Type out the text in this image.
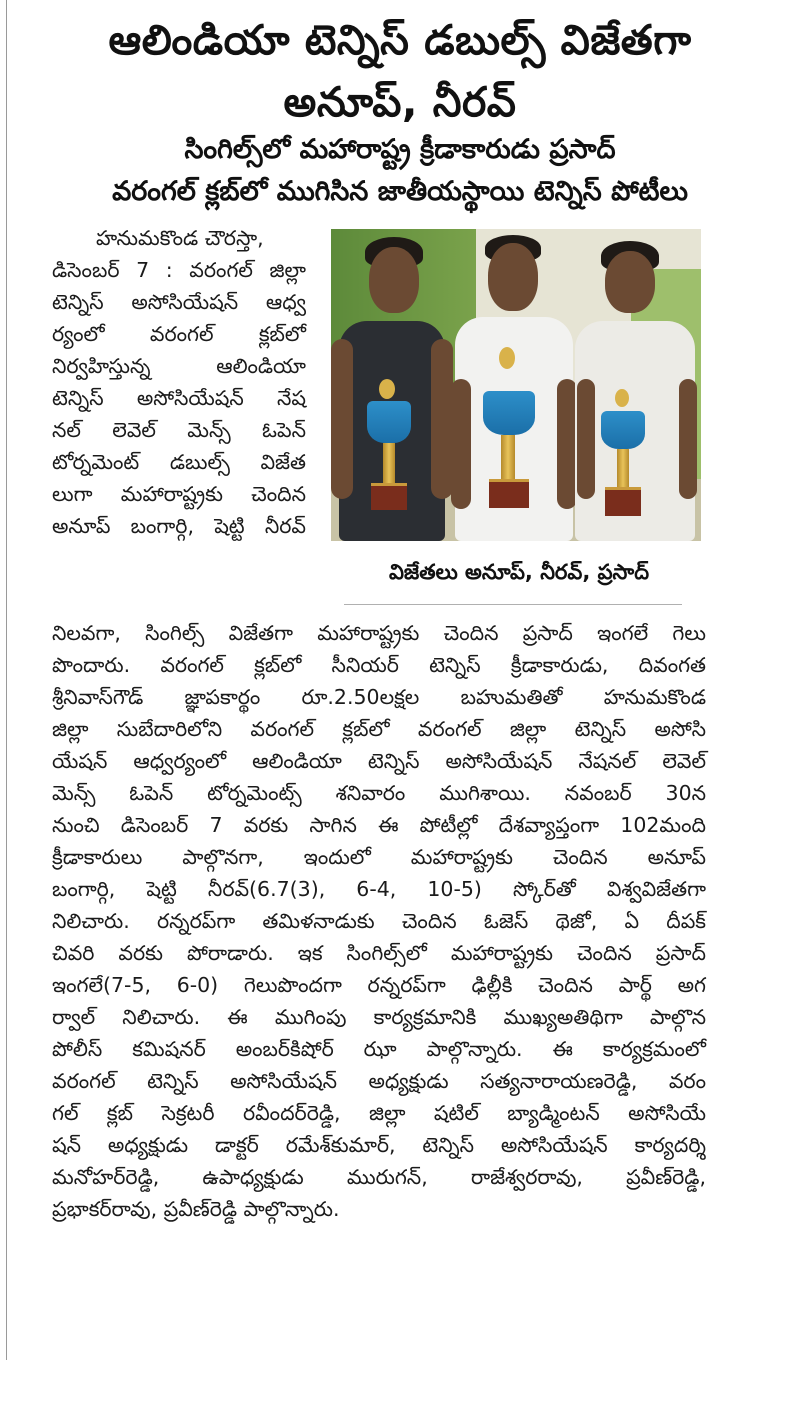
ఆలిండియా టెన్నిస్ డబుల్స్ విజేతగా
అనూప్, నీరవ్
సింగిల్స్‌లో మహారాష్ట్ర క్రీడాకారుడు ప్రసాద్
వరంగల్ క్లబ్‌లో ముగిసిన జాతీయస్థాయి టెన్నిస్ పోటీలు
హనుమకొండ చౌరస్తా,
డిసెంబర్ 7 : వరంగల్ జిల్లా
టెన్నిస్ అసోసియేషన్ ఆధ్వ
ర్యంలో వరంగల్ క్లబ్‌లో
నిర్వహిస్తున్న ఆలిండియా
టెన్నిస్ అసోసియేషన్ నేష
నల్ లెవెల్ మెన్స్ ఓపెన్
టోర్నమెంట్ డబుల్స్ విజేత
లుగా మహారాష్ట్రకు చెందిన
అనూప్ బంగార్గి, షెట్టి నీరవ్
విజేతలు అనూప్, నీరవ్, ప్రసాద్
నిలవగా, సింగిల్స్ విజేతగా మహారాష్ట్రకు చెందిన ప్రసాద్ ఇంగలే గెలు
పొందారు. వరంగల్ క్లబ్‌లో సీనియర్ టెన్నిస్ క్రీడాకారుడు, దివంగత
శ్రీనివాస్‌గౌడ్ జ్ఞాపకార్థం రూ.2.50లక్షల బహుమతితో హనుమకొండ
జిల్లా సుబేదారిలోని వరంగల్ క్లబ్‌లో వరంగల్ జిల్లా టెన్నిస్ అసోసి
యేషన్ ఆధ్వర్యంలో ఆలిండియా టెన్నిస్ అసోసియేషన్ నేషనల్ లెవెల్
మెన్స్ ఓపెన్ టోర్నమెంట్స్ శనివారం ముగిశాయి. నవంబర్ 30న
నుంచి డిసెంబర్ 7 వరకు సాగిన ఈ పోటీల్లో దేశవ్యాప్తంగా 102మంది
క్రీడాకారులు పాల్గొనగా, ఇందులో మహారాష్ట్రకు చెందిన అనూప్
బంగార్గి, షెట్టి నీరవ్(6.7(3), 6-4, 10-5) స్కోర్‌తో విశ్వవిజేతగా
నిలిచారు. రన్నరప్‌గా తమిళనాడుకు చెందిన ఓజెస్ థెజో, ఏ దీపక్
చివరి వరకు పోరాడారు. ఇక సింగిల్స్‌లో మహారాష్ట్రకు చెందిన ప్రసాద్
ఇంగలే(7-5, 6-0) గెలుపొందగా రన్నరప్‌గా ఢిల్లీకి చెందిన పార్థ్ అగ
ర్వాల్ నిలిచారు. ఈ ముగింపు కార్యక్రమానికి ముఖ్యఅతిథిగా పాల్గొన
పోలీస్ కమిషనర్ అంబర్‌కిషోర్ ఝా పాల్గొన్నారు. ఈ కార్యక్రమంలో
వరంగల్ టెన్నిస్ అసోసియేషన్ అధ్యక్షుడు సత్యనారాయణరెడ్డి, వరం
గల్ క్లబ్ సెక్రటరీ రవీందర్‌రెడ్డి, జిల్లా షటిల్ బ్యాడ్మింటన్ అసోసియే
షన్ అధ్యక్షుడు డాక్టర్ రమేశ్‌కుమార్, టెన్నిస్ అసోసియేషన్ కార్యదర్శి
మనోహర్‌రెడ్డి, ఉపాధ్యక్షుడు మురుగన్, రాజేశ్వరరావు, ప్రవీణ్‌రెడ్డి,
ప్రభాకర్‌రావు, ప్రవీణ్‌రెడ్డి పాల్గొన్నారు.
